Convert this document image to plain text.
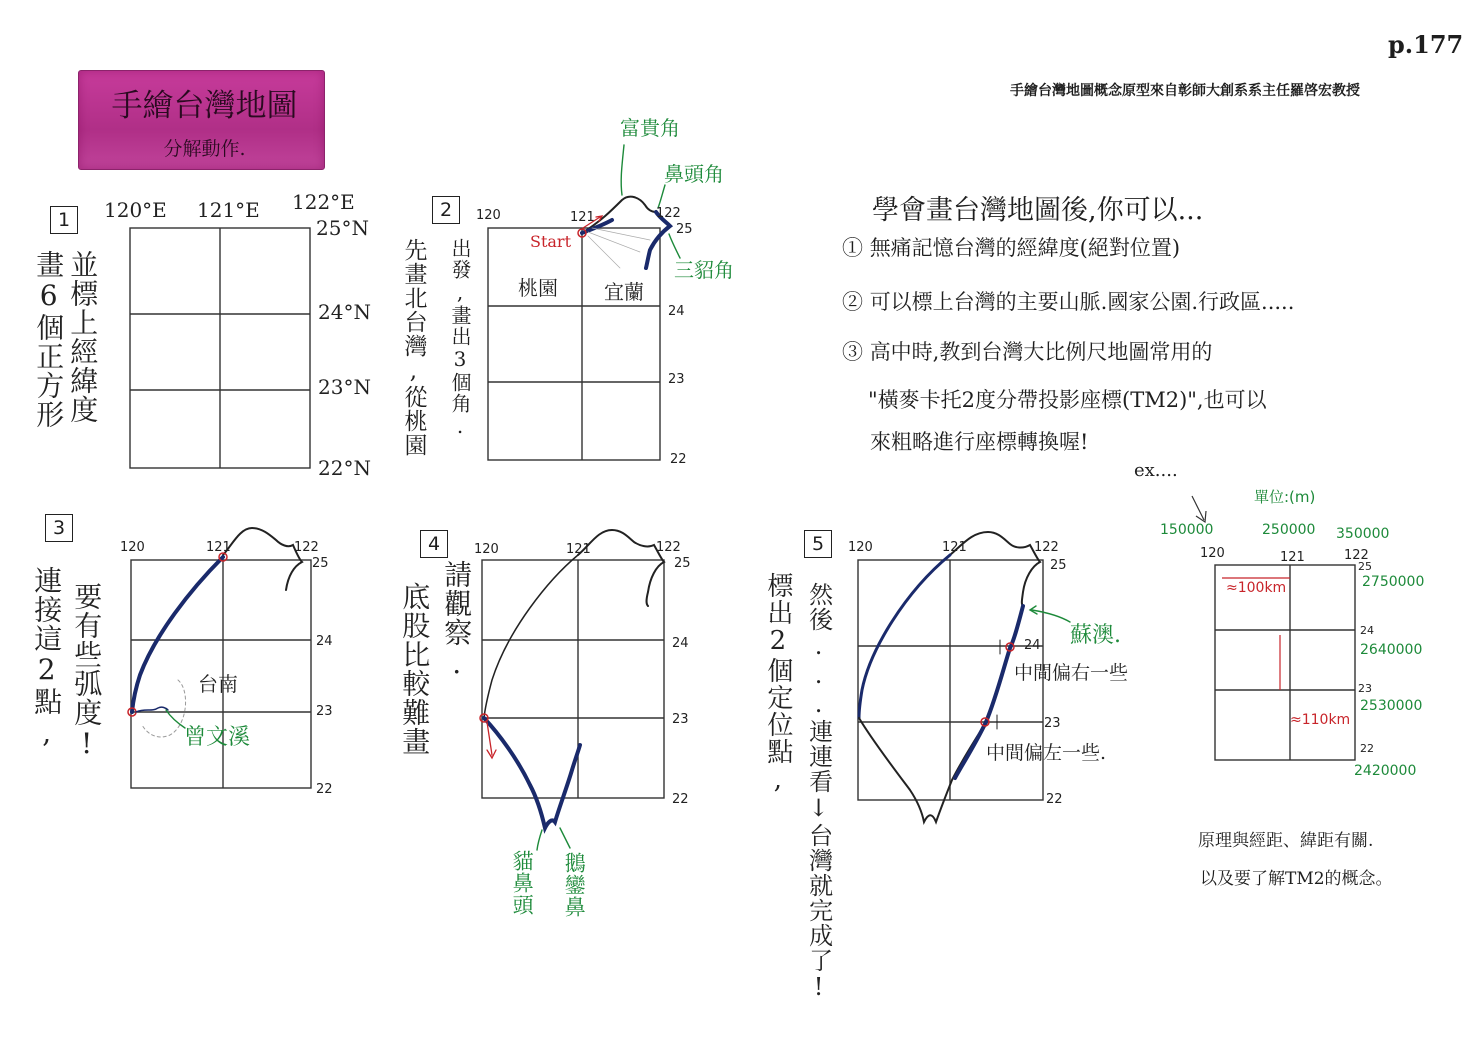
p.177
手繪台灣地圖概念原型來自彰師大創系系主任羅啓宏教授
手繪台灣地圖
分解動作.
1
畫6個正方形 並標上經緯度
120°E 121°E 122°E
25°N
24°N
23°N
22°N
2
先畫北台灣,從桃園 出發,畫出3個角.
120	121	122
25
24
23
22
Start
桃園 宜蘭
富貴角
鼻頭角
三貂角
3
連接這2點, 要有些弧度!
120	121	122
25
24
23
22
台南
曾文溪
4
底股比較難畫 請觀察.
120	121	122
25
24
23
22
貓鼻頭 鵝鑾鼻
5
標出2個定位點, 然後...連連看↓台灣就完成了!
120	121	122
25
24
23
22
蘇澳.
中間偏右一些
中間偏左一些.
學會畫台灣地圖後,你可以...
① 無痛記憶台灣的經緯度(絕對位置)
② 可以標上台灣的主要山脈.國家公園.行政區.....
③ 高中時,教到台灣大比例尺地圖常用的
"橫麥卡托2度分帶投影座標(TM2)",也可以
來粗略進行座標轉換喔!
ex....
單位:(m)
150000	250000 350000
120	121	122
25
24
23
22
2750000
2640000
2530000
2420000
≈100km
≈110km
原理與經距、緯距有關.
以及要了解TM2的概念。
